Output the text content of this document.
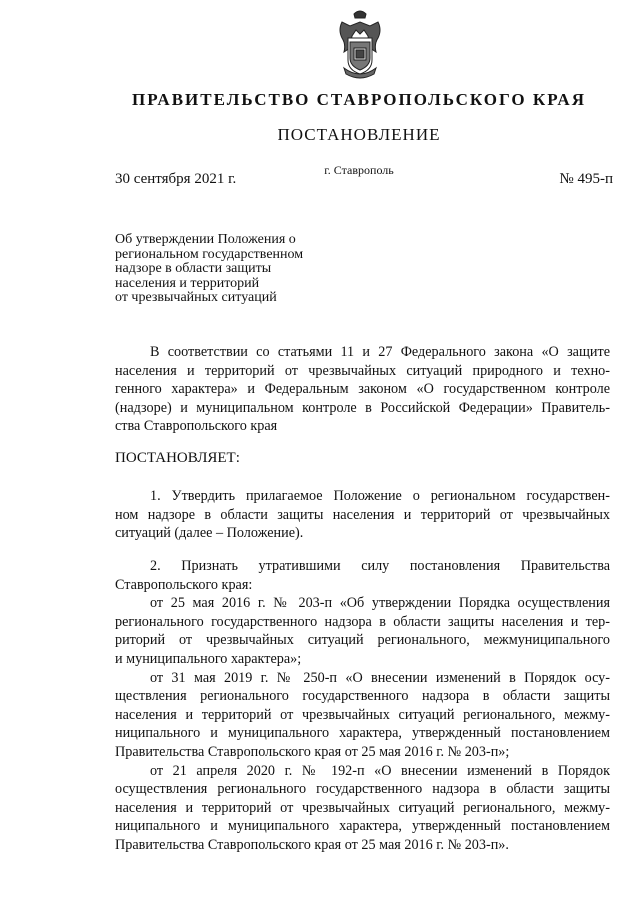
ПРАВИТЕЛЬСТВО СТАВРОПОЛЬСКОГО КРАЯ
ПОСТАНОВЛЕНИЕ
г. Ставрополь
30 сентября 2021 г.	№ 495-п
Об утверждении Положения о
региональном государственном
надзоре в области защиты
населения и территорий
от чрезвычайных ситуаций
В соответствии со статьями 11 и 27 Федерального закона «О защите
населения и территорий от чрезвычайных ситуаций природного и техно-
генного характера» и Федеральным законом «О государственном контроле
(надзоре) и муниципальном контроле в Российской Федерации» Правитель-
ства Ставропольского края
ПОСТАНОВЛЯЕТ:
1. Утвердить прилагаемое Положение о региональном государствен-
ном надзоре в области защиты населения и территорий от чрезвычайных
ситуаций (далее – Положение).
2. Признать утратившими силу постановления Правительства
Ставропольского края:
от 25 мая 2016 г. № 203-п «Об утверждении Порядка осуществления
регионального государственного надзора в области защиты населения и тер-
риторий от чрезвычайных ситуаций регионального, межмуниципального
и муниципального характера»;
от 31 мая 2019 г. № 250-п «О внесении изменений в Порядок осу-
ществления регионального государственного надзора в области защиты
населения и территорий от чрезвычайных ситуаций регионального, межму-
ниципального и муниципального характера, утвержденный постановлением
Правительства Ставропольского края от 25 мая 2016 г. № 203-п»;
от 21 апреля 2020 г. № 192-п «О внесении изменений в Порядок
осуществления регионального государственного надзора в области защиты
населения и территорий от чрезвычайных ситуаций регионального, межму-
ниципального и муниципального характера, утвержденный постановлением
Правительства Ставропольского края от 25 мая 2016 г. № 203-п».
